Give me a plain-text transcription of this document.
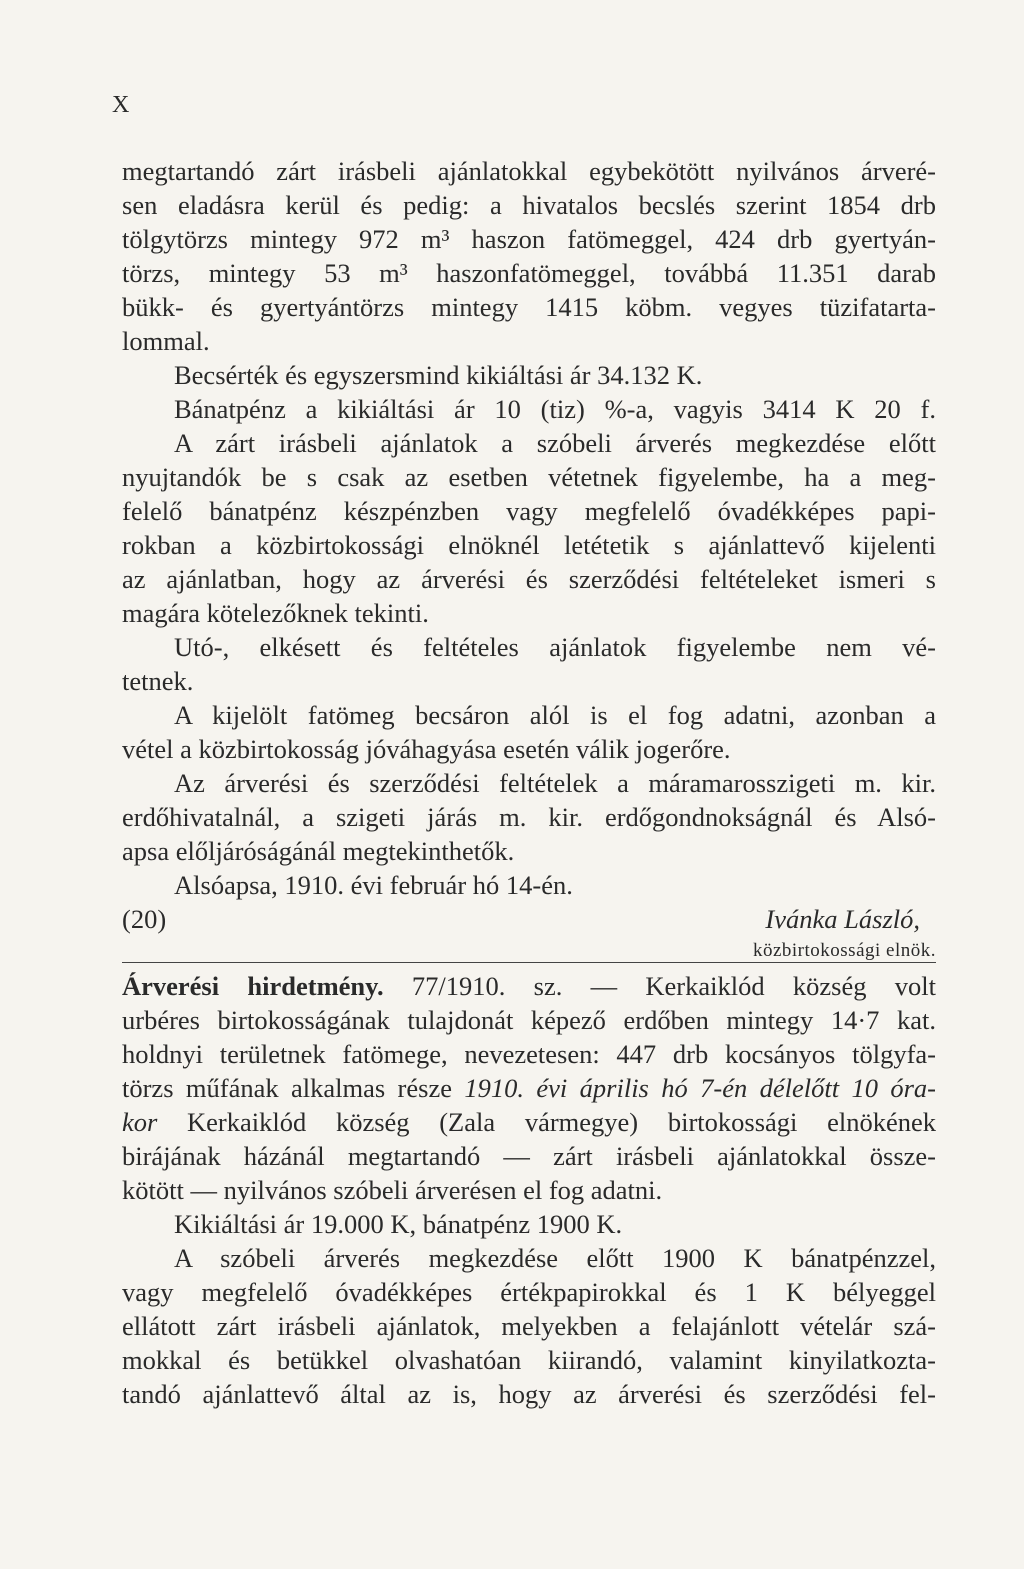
X
megtartandó zárt irásbeli ajánlatokkal egybekötött nyilvános árveré-
sen eladásra kerül és pedig: a hivatalos becslés szerint 1854 drb
tölgytörzs mintegy 972 m³ haszon fatömeggel, 424 drb gyertyán-
törzs, mintegy 53 m³ haszonfatömeggel, továbbá 11.351 darab
bükk- és gyertyántörzs mintegy 1415 köbm. vegyes tüzifatarta-
lommal.
Becsérték és egyszersmind kikiáltási ár 34.132 K.
Bánatpénz a kikiáltási ár 10 (tiz) %-a, vagyis 3414 K 20 f.
A zárt irásbeli ajánlatok a szóbeli árverés megkezdése előtt
nyujtandók be s csak az esetben vétetnek figyelembe, ha a meg-
felelő bánatpénz készpénzben vagy megfelelő óvadékképes papi-
rokban a közbirtokossági elnöknél letétetik s ajánlattevő kijelenti
az ajánlatban, hogy az árverési és szerződési feltételeket ismeri s
magára kötelezőknek tekinti.
Utó-, elkésett és feltételes ajánlatok figyelembe nem vé-
tetnek.
A kijelölt fatömeg becsáron alól is el fog adatni, azonban a
vétel a közbirtokosság jóváhagyása esetén válik jogerőre.
Az árverési és szerződési feltételek a máramarosszigeti m. kir.
erdőhivatalnál, a szigeti járás m. kir. erdőgondnokságnál és Alsó-
apsa előljáróságánál megtekinthetők.
Alsóapsa, 1910. évi február hó 14-én.
(20)	Ivánka László,
közbirtokossági elnök.
Árverési hirdetmény. 77/1910. sz. — Kerkaiklód község volt
urbéres birtokosságának tulajdonát képező erdőben mintegy 14·7 kat.
holdnyi területnek fatömege, nevezetesen: 447 drb kocsányos tölgyfa-
törzs műfának alkalmas része 1910. évi április hó 7-én délelőtt 10 óra-
kor Kerkaiklód község (Zala vármegye) birtokossági elnökének
birájának házánál megtartandó — zárt irásbeli ajánlatokkal össze-
kötött — nyilvános szóbeli árverésen el fog adatni.
Kikiáltási ár 19.000 K, bánatpénz 1900 K.
A szóbeli árverés megkezdése előtt 1900 K bánatpénzzel,
vagy megfelelő óvadékképes értékpapirokkal és 1 K bélyeggel
ellátott zárt irásbeli ajánlatok, melyekben a felajánlott vételár szá-
mokkal és betükkel olvashatóan kiirandó, valamint kinyilatkozta-
tandó ajánlattevő által az is, hogy az árverési és szerződési fel-
